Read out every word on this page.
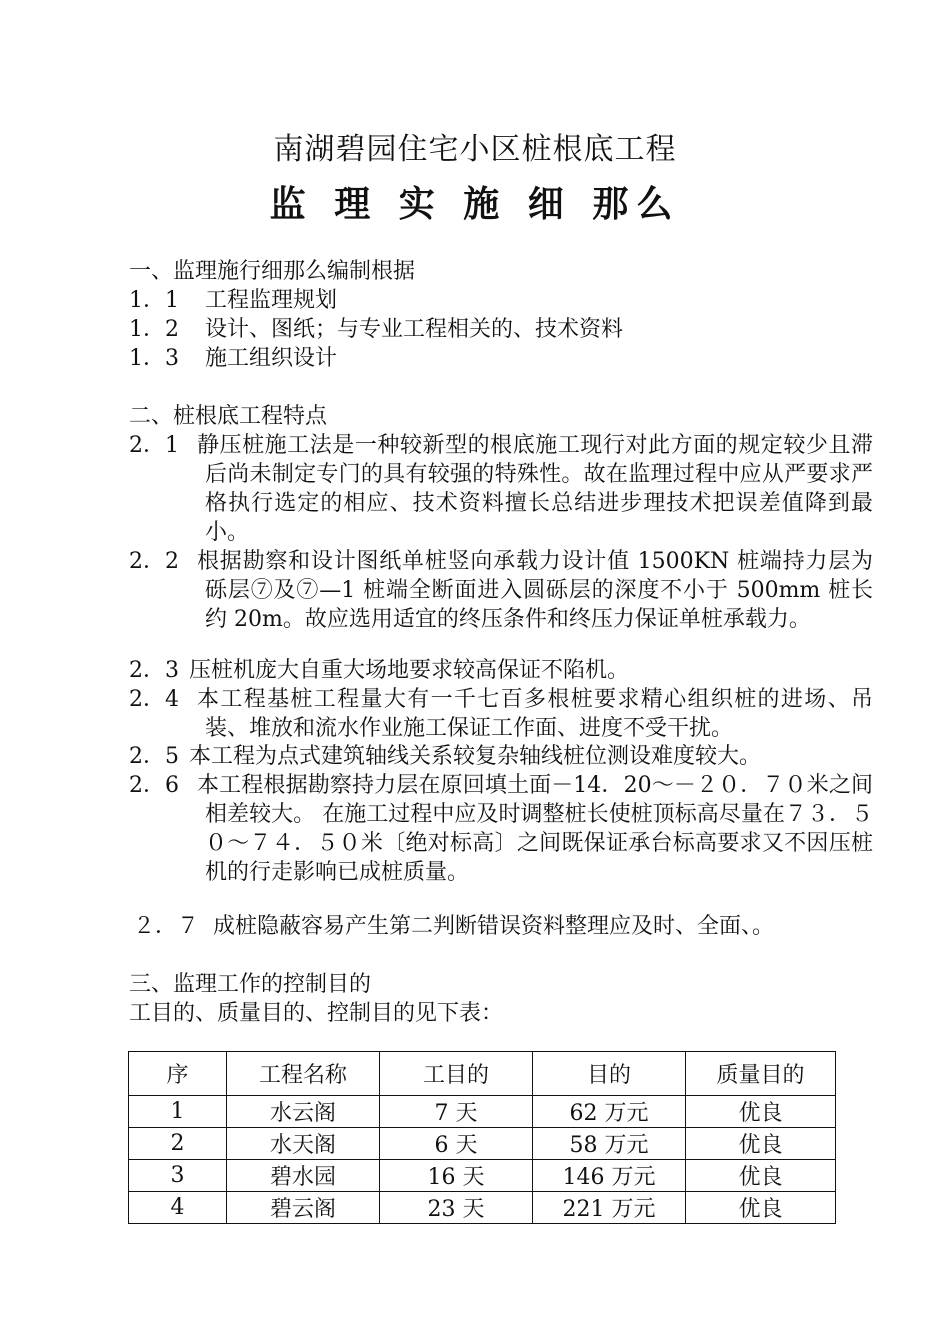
南湖碧园住宅小区桩根底工程
监 理 实 施 细 那么
一、监理施行细那么编制根据
1．1 工程监理规划
1．2 设计、图纸；与专业工程相关的、技术资料
1．3 施工组织设计
二、桩根底工程特点
2．1 静压桩施工法是一种较新型的根底施工现行对此方面的规定较少且滞后尚未制定专门的具有较强的特殊性。故在监理过程中应从严要求严格执行选定的相应、技术资料擅长总结进步理技术把误差值降到最小。
2．2 根据勘察和设计图纸单桩竖向承载力设计值 1500KN 桩端持力层为砾层⑦及⑦—1 桩端全断面进入圆砾层的深度不小于 500mm 桩长约 20m。故应选用适宜的终压条件和终压力保证单桩承载力。
2．3 压桩机庞大自重大场地要求较高保证不陷机。
2．4 本工程基桩工程量大有一千七百多根桩要求精心组织桩的进场、吊装、堆放和流水作业施工保证工作面、进度不受干扰。
2．5 本工程为点式建筑轴线关系较复杂轴线桩位测设难度较大。
2．6 本工程根据勘察持力层在原回填土面－14．20～－２０．７０米之间相差较大。 在施工过程中应及时调整桩长使桩顶标高尽量在７３．５０～７４．５０米〔绝对标高〕之间既保证承台标高要求又不因压桩机的行走影响已成桩质量。
２．７ 成桩隐蔽容易产生第二判断错误资料整理应及时、全面、。
三、监理工作的控制目的
工目的、质量目的、控制目的见下表：
序	工程名称	工目的	目的	质量目的
1	水云阁	7 天	62 万元	优良
2	水天阁	6 天	58 万元	优良
3	碧水园	16 天	146 万元	优良
4	碧云阁	23 天	221 万元	优良
